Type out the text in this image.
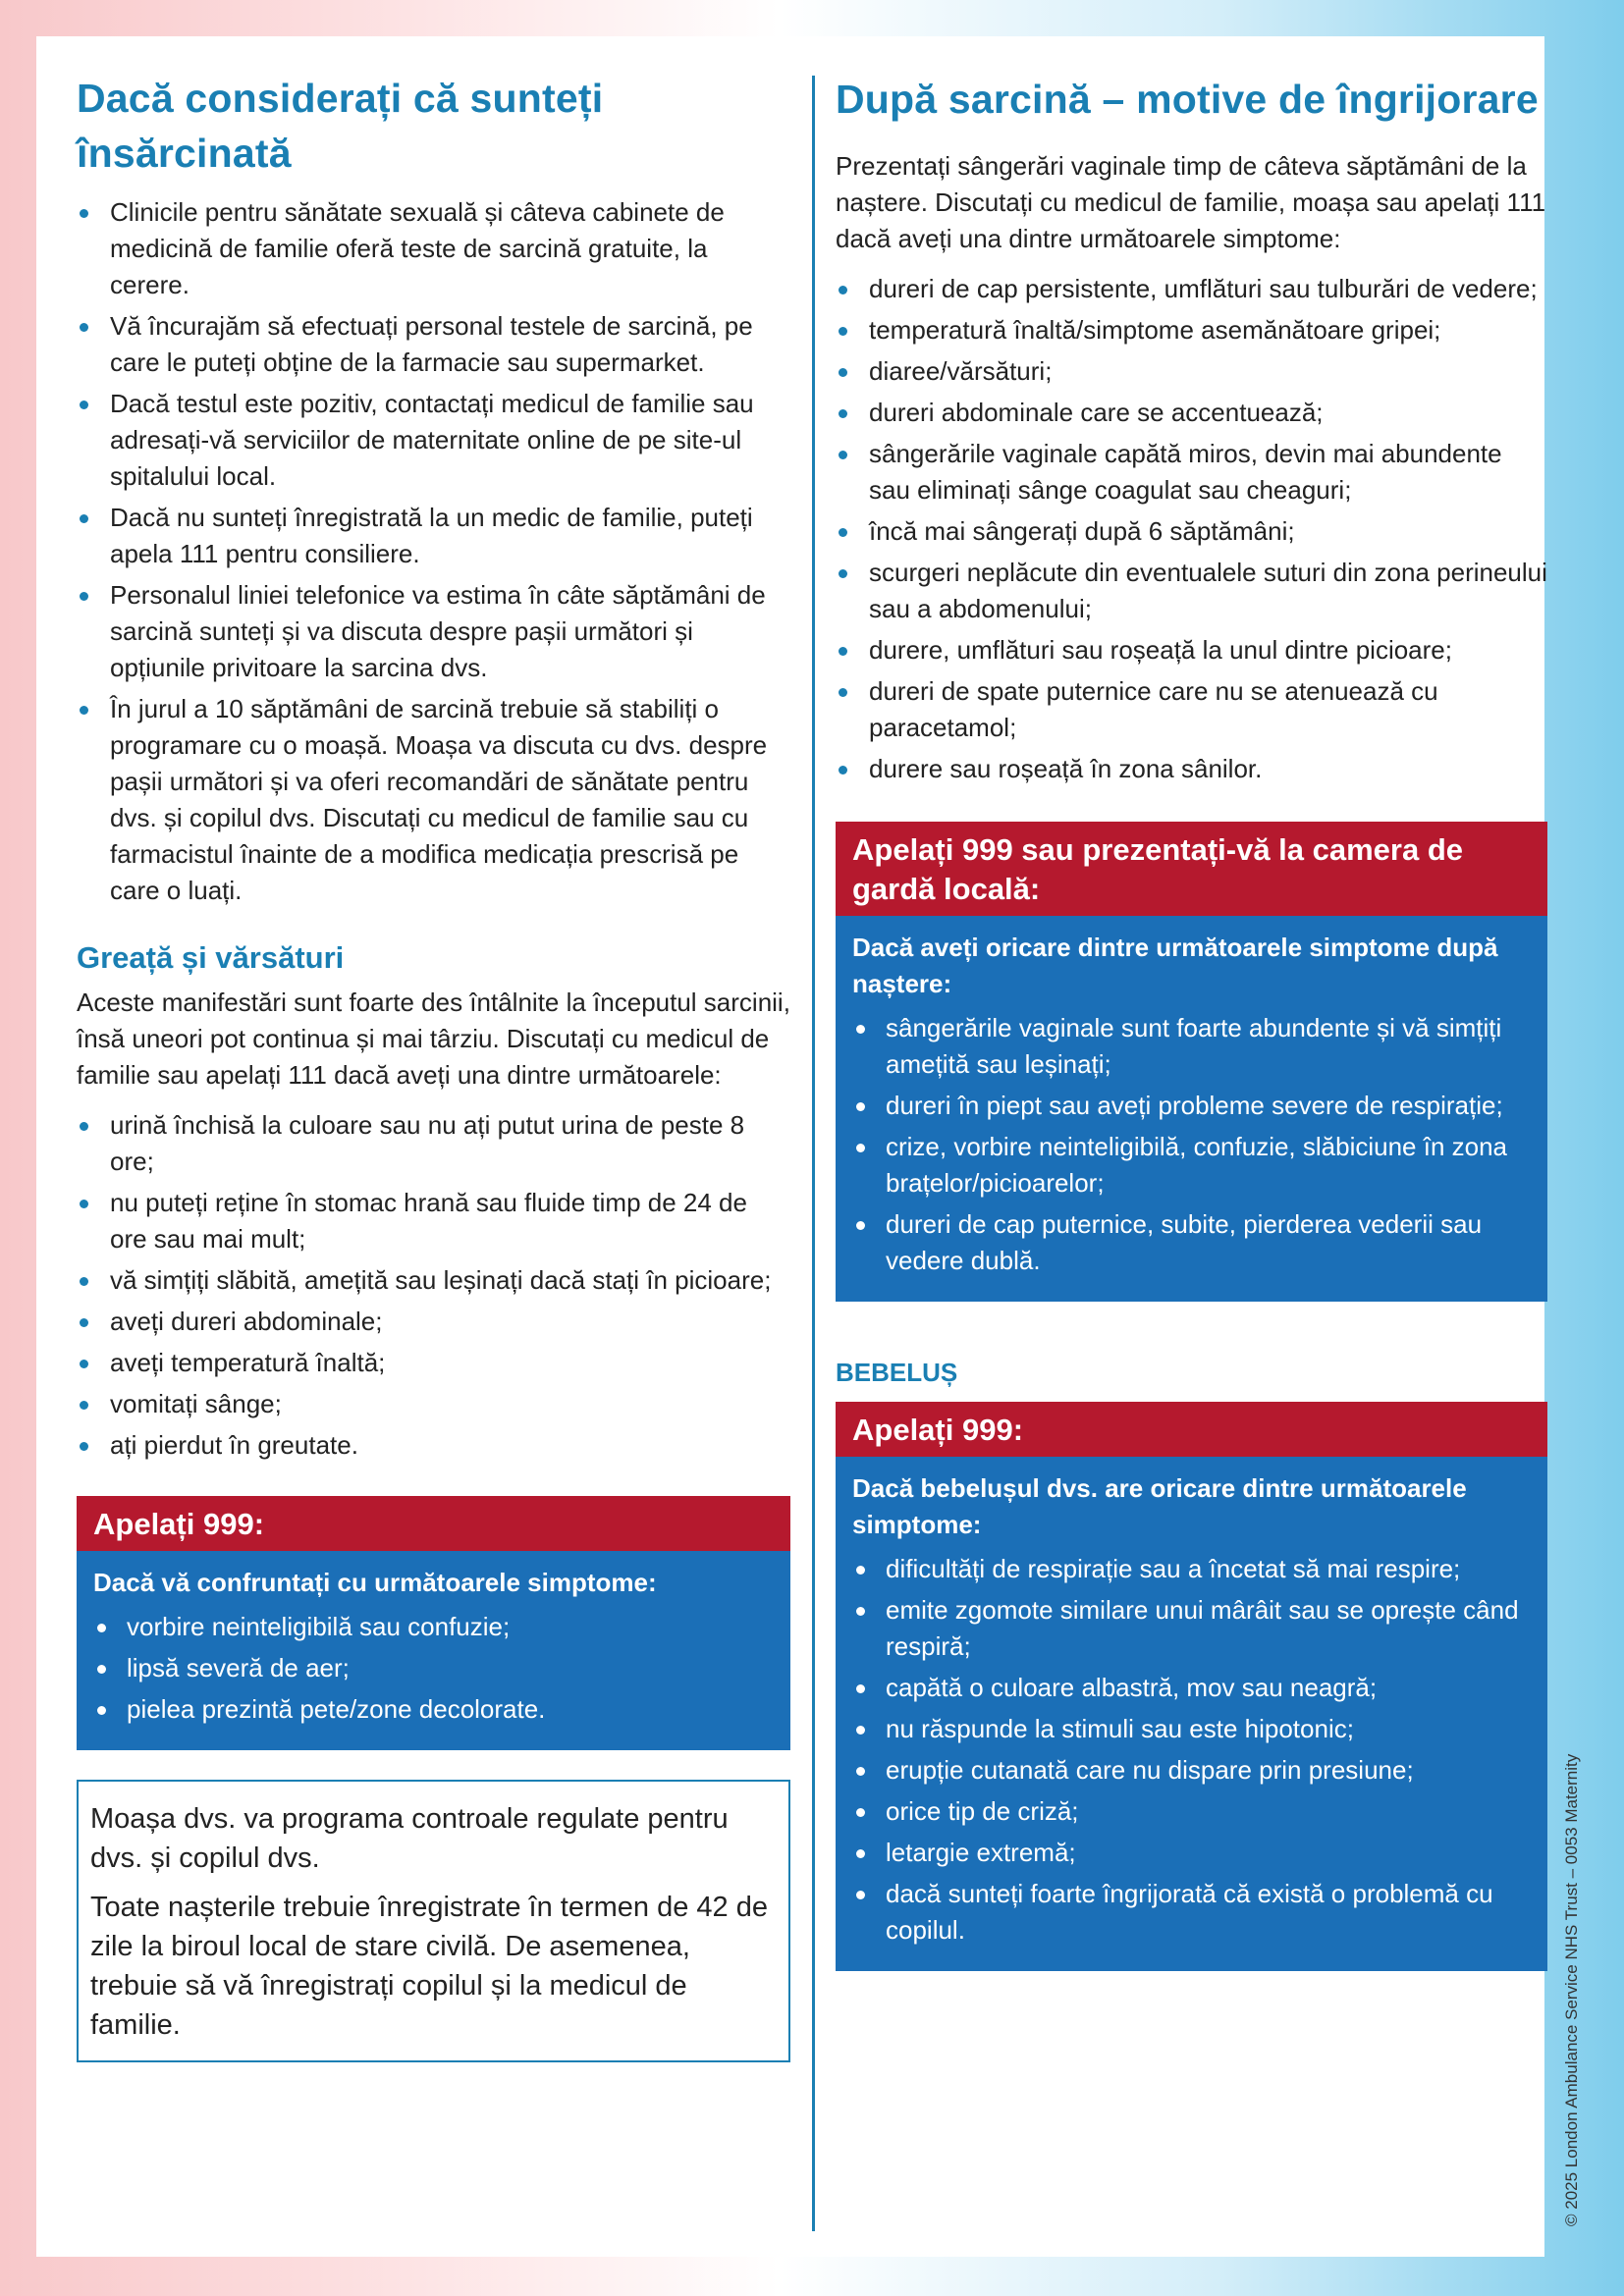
Dacă considerați că sunteți însărcinată
Clinicile pentru sănătate sexuală și câteva cabinete de medicină de familie oferă teste de sarcină gratuite, la cerere.
Vă încurajăm să efectuați personal testele de sarcină, pe care le puteți obține de la farmacie sau supermarket.
Dacă testul este pozitiv, contactați medicul de familie sau adresați-vă serviciilor de maternitate online de pe site-ul spitalului local.
Dacă nu sunteți înregistrată la un medic de familie, puteți apela 111 pentru consiliere.
Personalul liniei telefonice va estima în câte săptămâni de sarcină sunteți și va discuta despre pașii următori și opțiunile privitoare la sarcina dvs.
În jurul a 10 săptămâni de sarcină trebuie să stabiliți o programare cu o moașă. Moașa va discuta cu dvs. despre pașii următori și va oferi recomandări de sănătate pentru dvs. și copilul dvs. Discutați cu medicul de familie sau cu farmacistul înainte de a modifica medicația prescrisă pe care o luați.
Greață și vărsături

Aceste manifestări sunt foarte des întâlnite la începutul sarcinii, însă uneori pot continua și mai târziu. Discutați cu medicul de familie sau apelați 111 dacă aveți una dintre următoarele:

urină închisă la culoare sau nu ați putut urina de peste 8 ore;
nu puteți reține în stomac hrană sau fluide timp de 24 de ore sau mai mult;
vă simțiți slăbită, amețită sau leșinați dacă stați în picioare;
aveți dureri abdominale;
aveți temperatură înaltă;
vomitați sânge;
ați pierdut în greutate.
Apelați 999:
Dacă vă confruntați cu următoarele simptome:
vorbire neinteligibilă sau confuzie;
lipsă severă de aer;
pielea prezintă pete/zone decolorate.

Moașa dvs. va programa controale regulate pentru dvs. și copilul dvs.

Toate nașterile trebuie înregistrate în termen de 42 de zile la biroul local de stare civilă. De asemenea, trebuie să vă înregistrați copilul și la medicul de familie.

După sarcină – motive de îngrijorare

Prezentați sângerări vaginale timp de câteva săptămâni de la naștere. Discutați cu medicul de familie, moașa sau apelați 111 dacă aveți una dintre următoarele simptome:

dureri de cap persistente, umflături sau tulburări de vedere;
temperatură înaltă/simptome asemănătoare gripei;
diaree/vărsături;
dureri abdominale care se accentuează;
sângerările vaginale capătă miros, devin mai abundente sau eliminați sânge coagulat sau cheaguri;
încă mai sângerați după 6 săptămâni;
scurgeri neplăcute din eventualele suturi din zona perineului sau a abdomenului;
durere, umflături sau roșeață la unul dintre picioare;
dureri de spate puternice care nu se atenuează cu paracetamol;
durere sau roșeață în zona sânilor.
Apelați 999 sau prezentați-vă la camera de gardă locală:
Dacă aveți oricare dintre următoarele simptome după naștere:
sângerările vaginale sunt foarte abundente și vă simțiți amețită sau leșinați;
dureri în piept sau aveți probleme severe de respirație;
crize, vorbire neinteligibilă, confuzie, slăbiciune în zona brațelor/picioarelor;
dureri de cap puternice, subite, pierderea vederii sau vedere dublă.
BEBELUȘ
Apelați 999:
Dacă bebelușul dvs. are oricare dintre următoarele simptome:
dificultăți de respirație sau a încetat să mai respire;
emite zgomote similare unui mârâit sau se oprește când respiră;
capătă o culoare albastră, mov sau neagră;
nu răspunde la stimuli sau este hipotonic;
erupție cutanată care nu dispare prin presiune;
orice tip de criză;
letargie extremă;
dacă sunteți foarte îngrijorată că există o problemă cu copilul.	© 2025 London Ambulance Service NHS Trust – 0053 Maternity
